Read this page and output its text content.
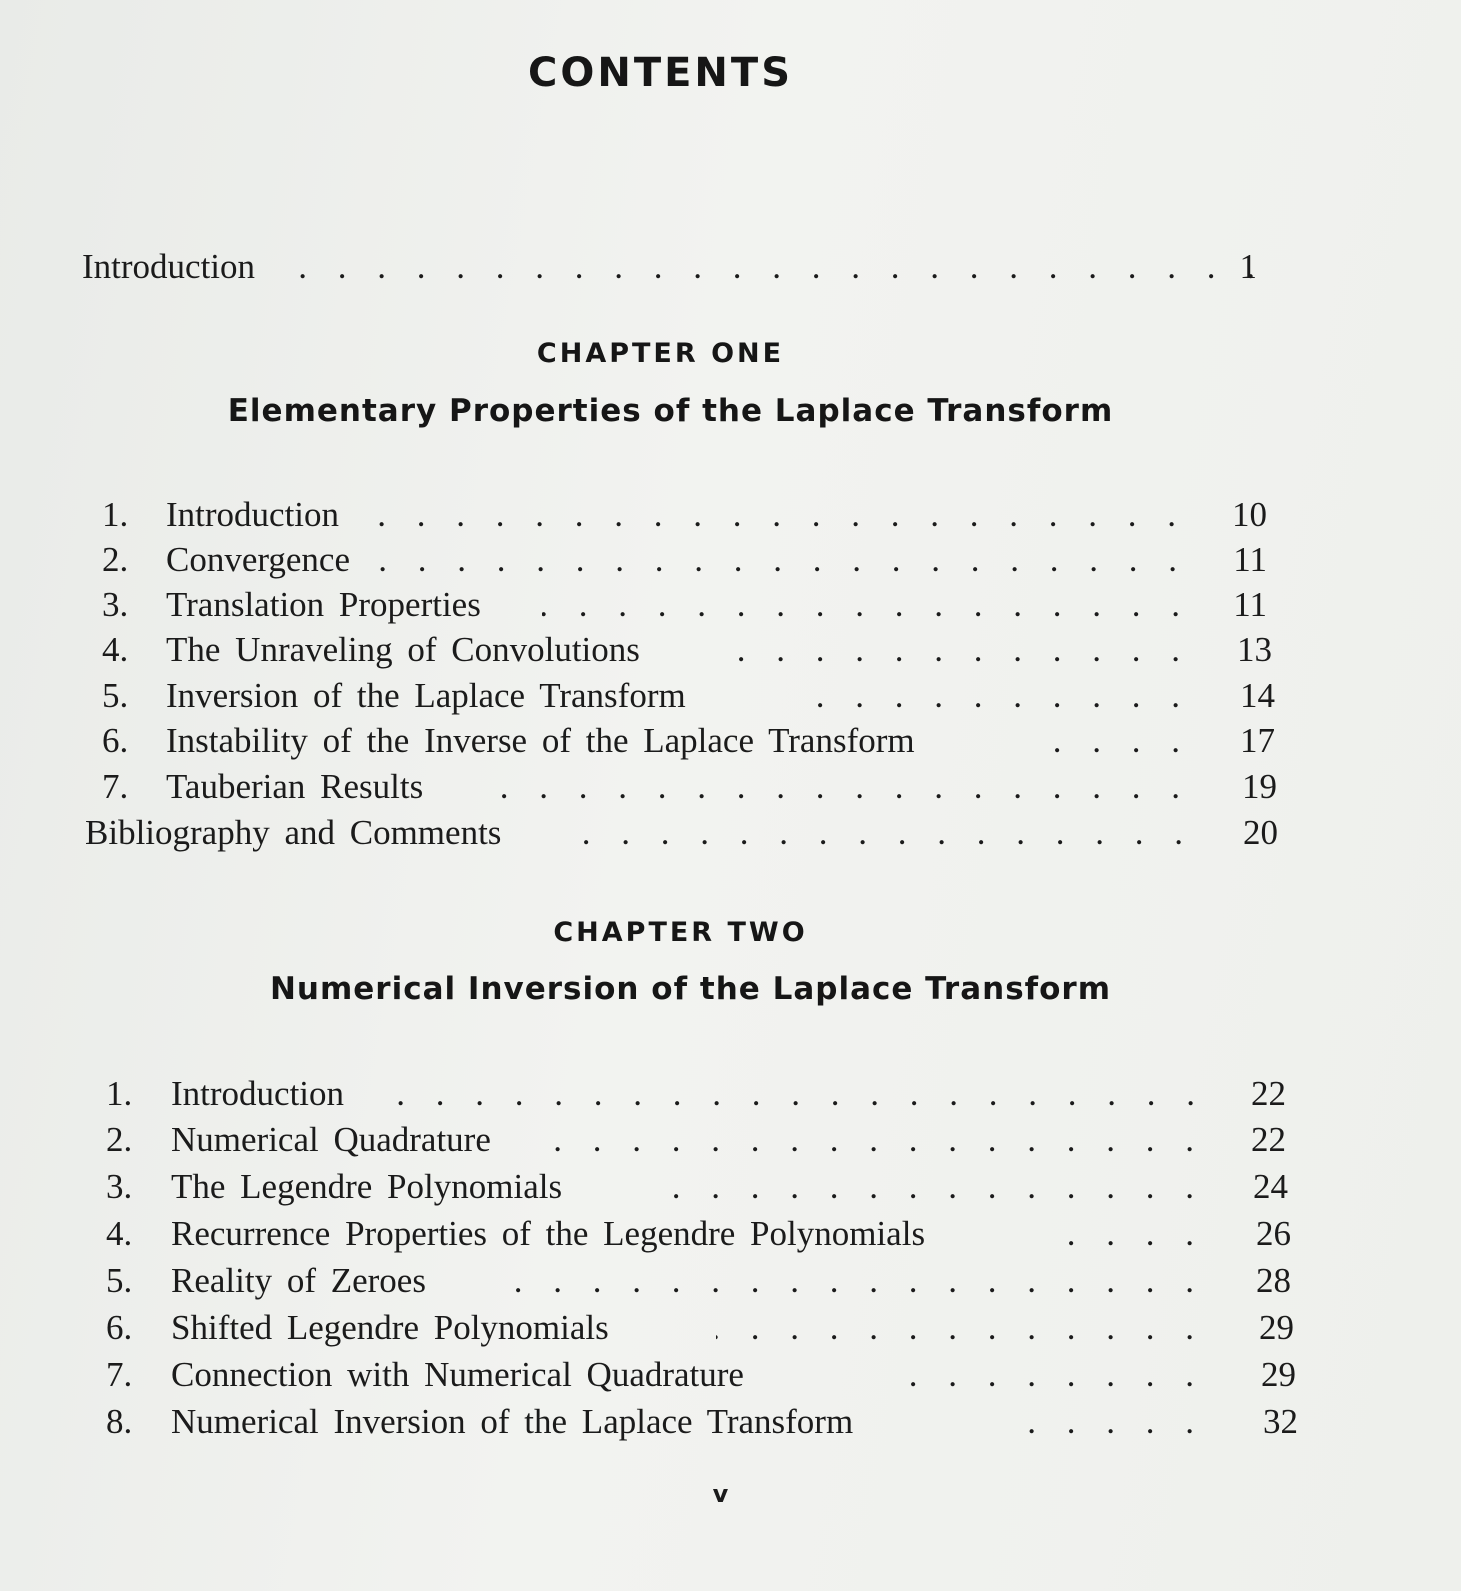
CONTENTS
Introduction . . .	1
CHAPTER ONE
Elementary Properties of the Laplace Transform
1. Introduction . . .	10
2. Convergence . . .	11
3. Translation Properties . . .	11
4. The Unraveling of Convolutions . . .	13
5. Inversion of the Laplace Transform . . .	14
6. Instability of the Inverse of the Laplace Transform . . .	17
7. Tauberian Results . . .	19
Bibliography and Comments . . .	20
CHAPTER TWO
Numerical Inversion of the Laplace Transform
1. Introduction . . .	22
2. Numerical Quadrature . . .	22
3. The Legendre Polynomials . . .	24
4. Recurrence Properties of the Legendre Polynomials . . .	26
5. Reality of Zeroes . . .	28
6. Shifted Legendre Polynomials . . .	29
7. Connection with Numerical Quadrature . . .	29
8. Numerical Inversion of the Laplace Transform . . .	32
v
